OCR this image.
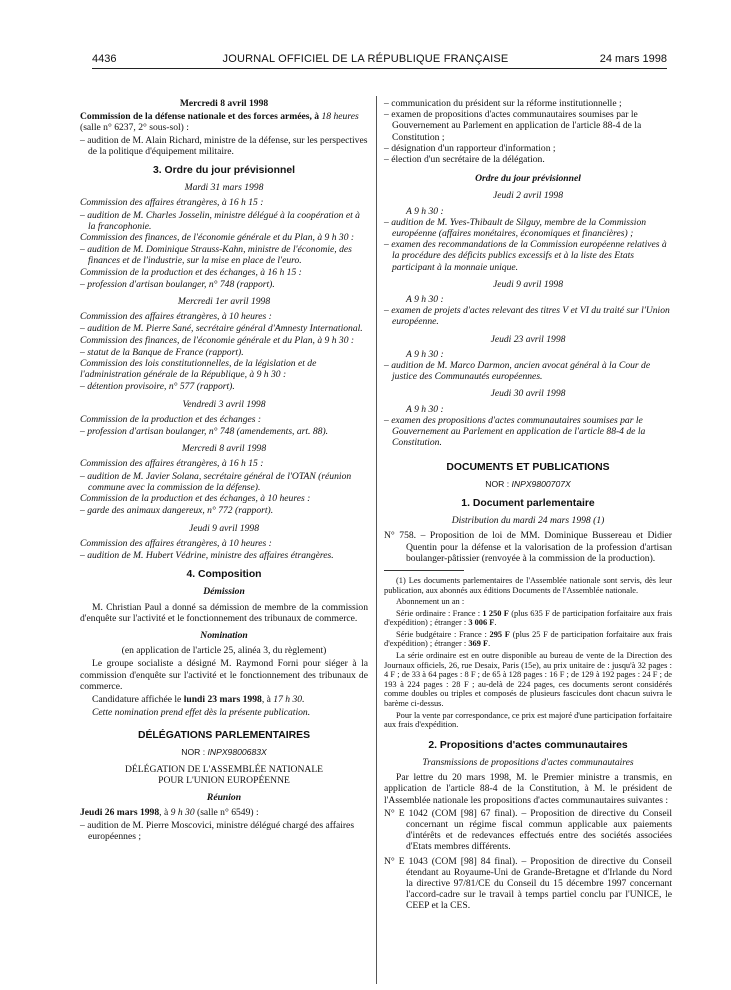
4436	JOURNAL OFFICIEL DE LA RÉPUBLIQUE FRANÇAISE	24 mars 1998

Mercredi 8 avril 1998

Commission de la défense nationale et des forces armées, à 18 heures (salle n° 6237, 2° sous-sol) :

– audition de M. Alain Richard, ministre de la défense, sur les perspectives de la politique d'équipement militaire.

3. Ordre du jour prévisionnel

Mardi 31 mars 1998

Commission des affaires étrangères, à 16 h 15 :

– audition de M. Charles Josselin, ministre délégué à la coopération et à la francophonie.

Commission des finances, de l'économie générale et du Plan, à 9 h 30 :

– audition de M. Dominique Strauss-Kahn, ministre de l'économie, des finances et de l'industrie, sur la mise en place de l'euro.

Commission de la production et des échanges, à 16 h 15 :

– profession d'artisan boulanger, n° 748 (rapport).

Mercredi 1er avril 1998

Commission des affaires étrangères, à 10 heures :

– audition de M. Pierre Sané, secrétaire général d'Amnesty International.

Commission des finances, de l'économie générale et du Plan, à 9 h 30 :

– statut de la Banque de France (rapport).

Commission des lois constitutionnelles, de la législation et de l'administration générale de la République, à 9 h 30 :

– détention provisoire, n° 577 (rapport).

Vendredi 3 avril 1998

Commission de la production et des échanges :

– profession d'artisan boulanger, n° 748 (amendements, art. 88).

Mercredi 8 avril 1998

Commission des affaires étrangères, à 16 h 15 :

– audition de M. Javier Solana, secrétaire général de l'OTAN (réunion commune avec la commission de la défense).

Commission de la production et des échanges, à 10 heures :

– garde des animaux dangereux, n° 772 (rapport).

Jeudi 9 avril 1998

Commission des affaires étrangères, à 10 heures :

– audition de M. Hubert Védrine, ministre des affaires étrangères.

4. Composition

Démission

M. Christian Paul a donné sa démission de membre de la commission d'enquête sur l'activité et le fonctionnement des tribunaux de commerce.

Nomination

(en application de l'article 25, alinéa 3, du règlement)

Le groupe socialiste a désigné M. Raymond Forni pour siéger à la commission d'enquête sur l'activité et le fonctionnement des tribunaux de commerce.

Candidature affichée le lundi 23 mars 1998, à 17 h 30.

Cette nomination prend effet dès la présente publication.

DÉLÉGATIONS PARLEMENTAIRES

NOR : INPX9800683X

DÉLÉGATION DE L'ASSEMBLÉE NATIONALE

POUR L'UNION EUROPÉENNE

Réunion

Jeudi 26 mars 1998, à 9 h 30 (salle n° 6549) :

– audition de M. Pierre Moscovici, ministre délégué chargé des affaires européennes ;

– communication du président sur la réforme institutionnelle ;

– examen de propositions d'actes communautaires soumises par le Gouvernement au Parlement en application de l'article 88-4 de la Constitution ;

– désignation d'un rapporteur d'information ;

– élection d'un secrétaire de la délégation.

Ordre du jour prévisionnel

Jeudi 2 avril 1998

A 9 h 30 :

– audition de M. Yves-Thibault de Silguy, membre de la Commission européenne (affaires monétaires, économiques et financières) ;

– examen des recommandations de la Commission européenne relatives à la procédure des déficits publics excessifs et à la liste des Etats participant à la monnaie unique.

Jeudi 9 avril 1998

A 9 h 30 :

– examen de projets d'actes relevant des titres V et VI du traité sur l'Union européenne.

Jeudi 23 avril 1998

A 9 h 30 :

– audition de M. Marco Darmon, ancien avocat général à la Cour de justice des Communautés européennes.

Jeudi 30 avril 1998

A 9 h 30 :

– examen des propositions d'actes communautaires soumises par le Gouvernement au Parlement en application de l'article 88-4 de la Constitution.

DOCUMENTS ET PUBLICATIONS

NOR : INPX9800707X

1. Document parlementaire

Distribution du mardi 24 mars 1998 (1)

N° 758. – Proposition de loi de MM. Dominique Bussereau et Didier Quentin pour la défense et la valorisation de la profession d'artisan boulanger-pâtissier (renvoyée à la commission de la production).

(1) Les documents parlementaires de l'Assemblée nationale sont servis, dès leur publication, aux abonnés aux éditions Documents de l'Assemblée nationale.

Abonnement un an :

Série ordinaire : France : 1 250 F (plus 635 F de participation forfaitaire aux frais d'expédition) ; étranger : 3 006 F.

Série budgétaire : France : 295 F (plus 25 F de participation forfaitaire aux frais d'expédition) ; étranger : 369 F.

La série ordinaire est en outre disponible au bureau de vente de la Direction des Journaux officiels, 26, rue Desaix, Paris (15e), au prix unitaire de : jusqu'à 32 pages : 4 F ; de 33 à 64 pages : 8 F ; de 65 à 128 pages : 16 F ; de 129 à 192 pages : 24 F ; de 193 à 224 pages : 28 F ; au-delà de 224 pages, ces documents seront considérés comme doubles ou triples et composés de plusieurs fascicules dont chacun suivra le barème ci-dessus.

Pour la vente par correspondance, ce prix est majoré d'une participation forfaitaire aux frais d'expédition.

2. Propositions d'actes communautaires

Transmissions de propositions d'actes communautaires

Par lettre du 20 mars 1998, M. le Premier ministre a transmis, en application de l'article 88-4 de la Constitution, à M. le président de l'Assemblée nationale les propositions d'actes communautaires suivantes :

N° E 1042 (COM [98] 67 final). – Proposition de directive du Conseil concernant un régime fiscal commun applicable aux paiements d'intérêts et de redevances effectués entre des sociétés associées d'Etats membres différents.

N° E 1043 (COM [98] 84 final). – Proposition de directive du Conseil étendant au Royaume-Uni de Grande-Bretagne et d'Irlande du Nord la directive 97/81/CE du Conseil du 15 décembre 1997 concernant l'accord-cadre sur le travail à temps partiel conclu par l'UNICE, le CEEP et la CES.
